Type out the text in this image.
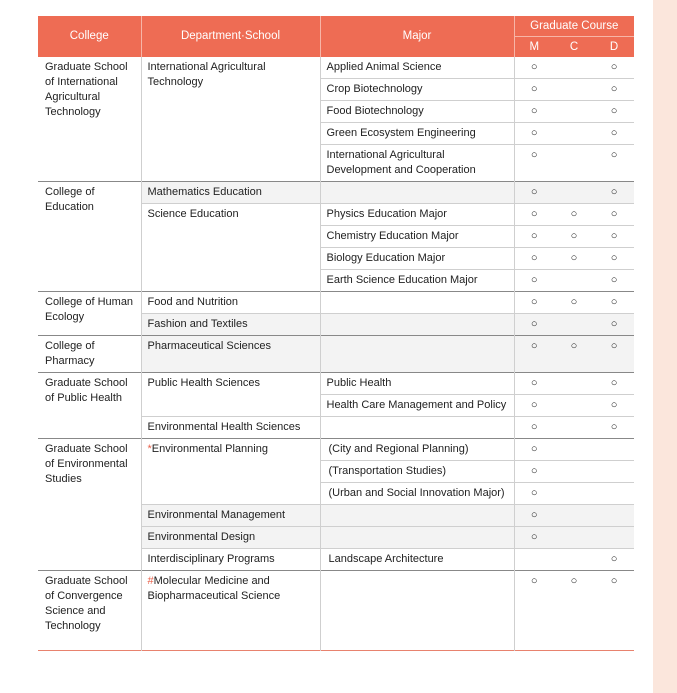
College	Department·School	Major	Graduate Course		
			M	C	D
Graduate School of International Agricultural Technology	International Agricultural Technology	Applied Animal Science	○		○
		Crop Biotechnology	○		○
		Food Biotechnology	○		○
		Green Ecosystem Engineering	○		○
		International Agricultural Development and Cooperation	○		○
College of Education	Mathematics Education		○		○
	Science Education	Physics Education Major	○	○	○
		Chemistry Education Major	○	○	○
		Biology Education Major	○	○	○
		Earth Science Education Major	○		○
College of Human Ecology	Food and Nutrition		○	○	○
	Fashion and Textiles		○		○
College of Pharmacy	Pharmaceutical Sciences		○	○	○
Graduate School of Public Health	Public Health Sciences	Public Health	○		○
		Health Care Management and Policy	○		○
	Environmental Health Sciences		○		○
Graduate School of Environmental Studies	*Environmental Planning	(City and Regional Planning)	○		
		(Transportation Studies)	○		
		(Urban and Social Innovation Major)	○		
	Environmental Management		○		
	Environmental Design		○		
	Interdisciplinary Programs	Landscape Architecture			○
Graduate School of Convergence Science and Technology	#Molecular Medicine and Biopharmaceutical Science		○	○	○
